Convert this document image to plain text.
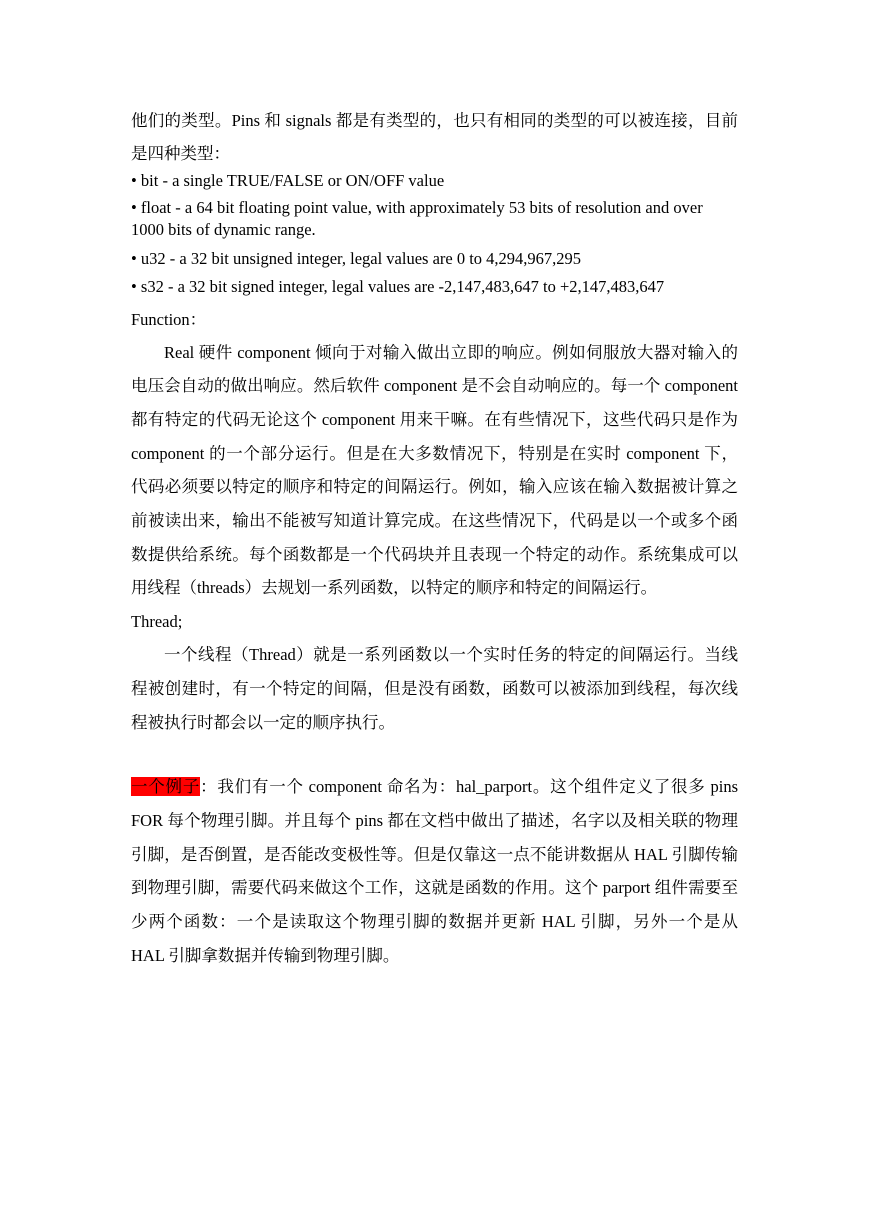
他们的类型。Pins 和 signals 都是有类型的，也只有相同的类型的可以被连接，目前是四种类型：

• bit - a single TRUE/FALSE or ON/OFF value

• float - a 64 bit floating point value, with approximately 53 bits of resolution and over 1000 bits of dynamic range.

• u32 - a 32 bit unsigned integer, legal values are 0 to 4,294,967,295

• s32 - a 32 bit signed integer, legal values are -2,147,483,647 to +2,147,483,647

Function：

Real 硬件 component 倾向于对输入做出立即的响应。例如伺服放大器对输入的电压会自动的做出响应。然后软件 component 是不会自动响应的。每一个 component 都有特定的代码无论这个 component 用来干嘛。在有些情况下，这些代码只是作为 component 的一个部分运行。但是在大多数情况下，特别是在实时 component 下， 代码必须要以特定的顺序和特定的间隔运行。例如，输入应该在输入数据被计算之前被读出来，输出不能被写知道计算完成。在这些情况下，代码是以一个或多个函数提供给系统。每个函数都是一个代码块并且表现一个特定的动作。系统集成可以用线程（threads）去规划一系列函数，以特定的顺序和特定的间隔运行。

Thread;

一个线程（Thread）就是一系列函数以一个实时任务的特定的间隔运行。当线程被创建时，有一个特定的间隔，但是没有函数，函数可以被添加到线程，每次线程被执行时都会以一定的顺序执行。

一个例子：我们有一个 component 命名为：hal_parport。这个组件定义了很多 pins FOR 每个物理引脚。并且每个 pins 都在文档中做出了描述，名字以及相关联的物理引脚，是否倒置，是否能改变极性等。但是仅靠这一点不能讲数据从 HAL 引脚传输到物理引脚，需要代码来做这个工作，这就是函数的作用。这个 parport 组件需要至少两个函数：一个是读取这个物理引脚的数据并更新 HAL 引脚，另外一个是从 HAL 引脚拿数据并传输到物理引脚。
